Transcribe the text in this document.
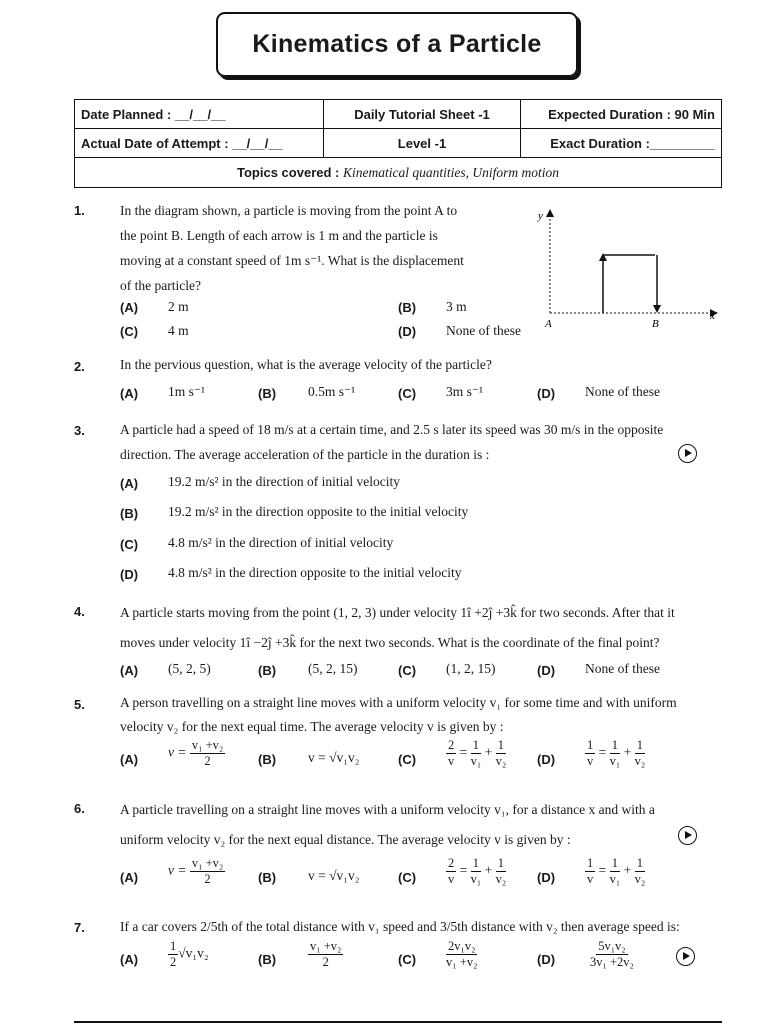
Kinematics of a Particle
Date Planned : __/__/__	Daily Tutorial Sheet -1	Expected Duration : 90 Min
Actual Date of Attempt : __/__/__	Level -1	Exact Duration :_________
Topics covered : Kinematical quantities, Uniform motion		
1.	In the diagram shown, a particle is moving from the point A to
the point B. Length of each arrow is 1 m and the particle is
moving at a constant speed of 1m s⁻¹. What is the displacement
of the particle?
(A) 2 m	(B) 3 m
(C) 4 m	(D) None of these
y
x
A	B
2.	In the pervious question, what is the average velocity of the particle?
(A) 1m s⁻¹	(B) 0.5m s⁻¹	(C) 3m s⁻¹	(D) None of these
3.	A particle had a speed of 18 m/s at a certain time, and 2.5 s later its speed was 30 m/s in the opposite
direction. The average acceleration of the particle in the duration is :
(A) 19.2 m/s² in the direction of initial velocity
(B) 19.2 m/s² in the direction opposite to the initial velocity
(C) 4.8 m/s² in the direction of initial velocity
(D) 4.8 m/s² in the direction opposite to the initial velocity
4.	A particle starts moving from the point (1, 2, 3) under velocity 1î +2ĵ +3k̂ for two seconds. After that it
moves under velocity 1î −2ĵ +3k̂ for the next two seconds. What is the coordinate of the final point?
(A) (5, 2, 5)	(B) (5, 2, 15)	(C) (1, 2, 15)	(D) None of these
5.	A person travelling on a straight line moves with a uniform velocity v₁ for some time and with uniform
velocity v₂ for the next equal time. The average velocity v is given by :
(A) $v = \frac{\text{v₁ +v₂}}{2}$	(B) v = √v₁v₂	$(C) \frac{2}{v} = \frac{1}{\text{v₁}} + \frac{1}{\text{v₂}} (D) \frac{1}{v} = \frac{1}{\text{v₁}} + \frac{1}{\text{v₂}}$
6.	A particle travelling on a straight line moves with a uniform velocity v₁, for a distance x and with a
uniform velocity v₂ for the next equal distance. The average velocity v is given by :
(A) $v = \frac{\text{v₁ +v₂}}{2}$	(B) v = √v₁v₂	$(C) \frac{2}{v} = \frac{1}{\text{v₁}} + \frac{1}{\text{v₂}} (D) \frac{1}{v} = \frac{1}{\text{v₁}} + \frac{1}{\text{v₂}}$
7.	If a car covers 2/5th of the total distance with v₁ speed and 3/5th distance with v₂ then average speed is:
$(A) \frac{1}{2} √v_1v_2$	(B)	$\frac{\text{v₁ +v₂}}{2}$	$(C) \frac{\text{2v₁v₂}}{\text{v₁ +v₂}}$	(D)	$\frac{\text{5v₁v₂}}{\text{3v₁ +2v₂}}$
